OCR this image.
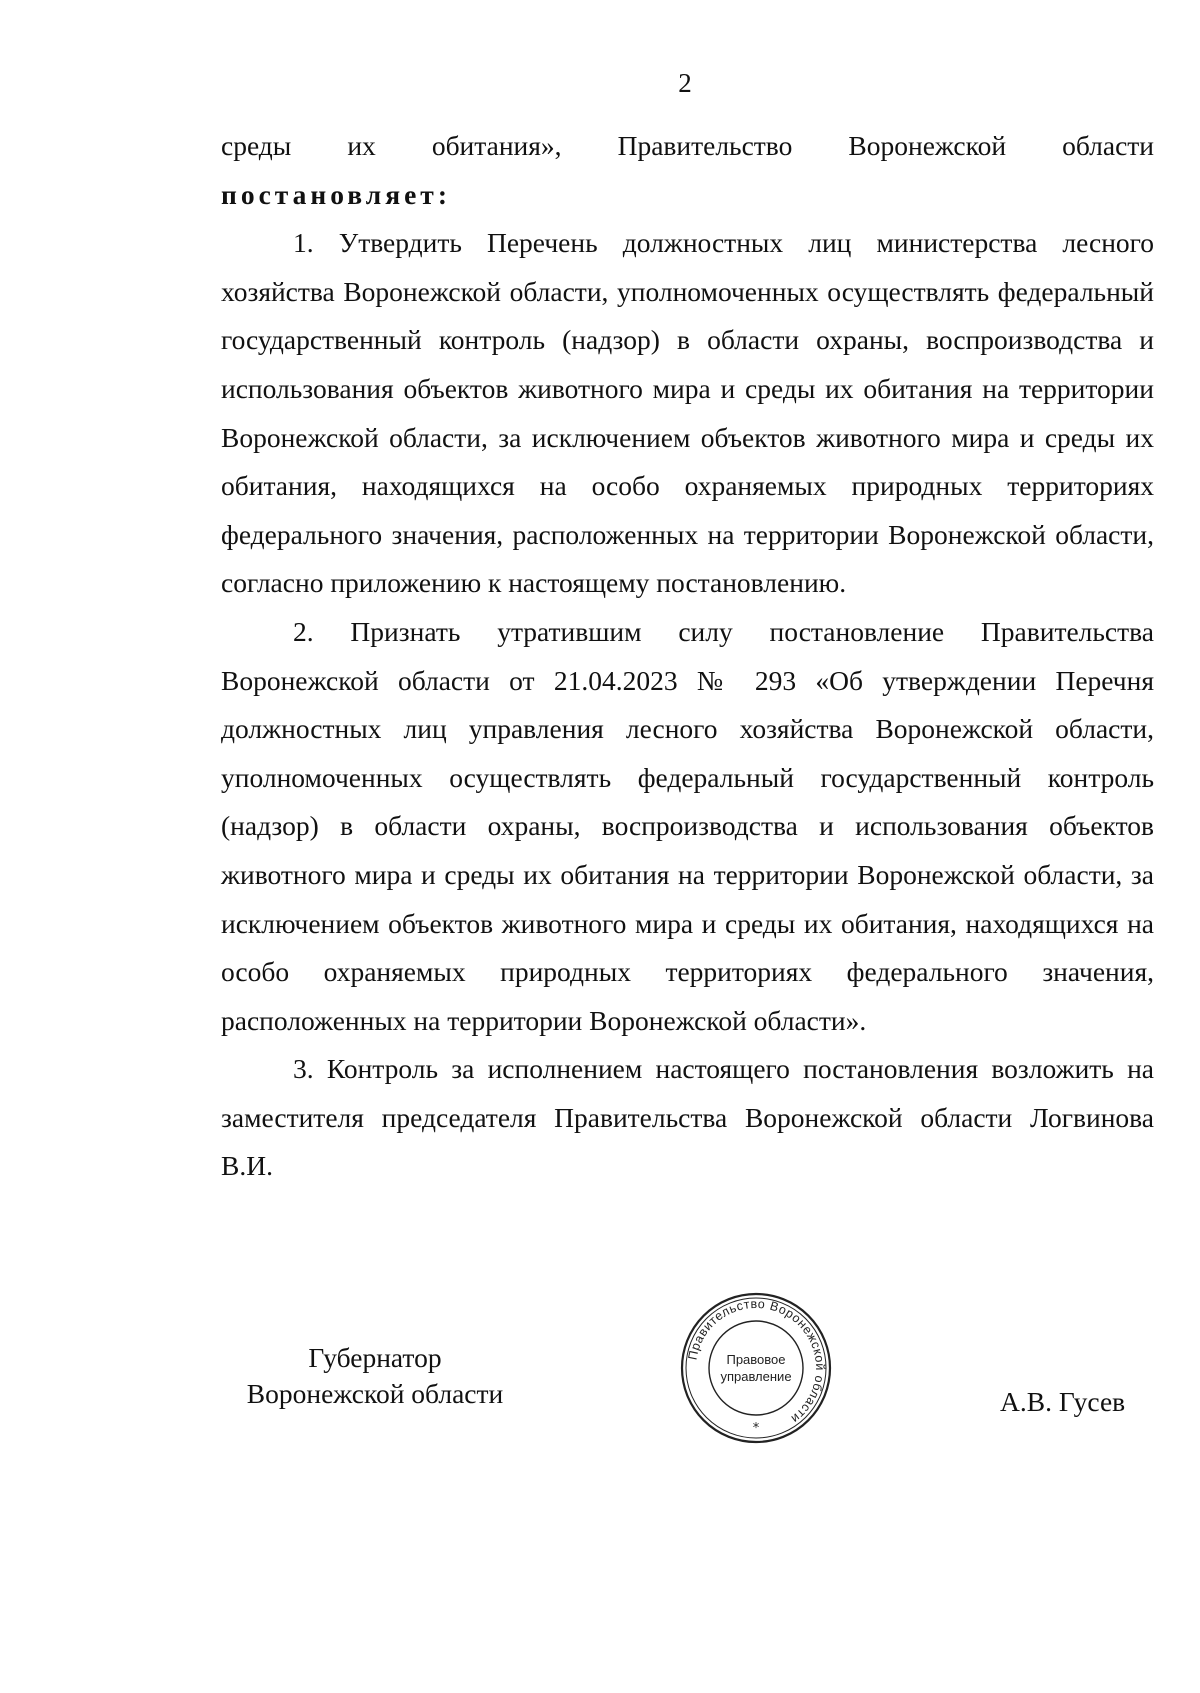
2

среды их обитания», Правительство Воронежской области
постановляет:

1. Утвердить Перечень должностных лиц министерства лесного хозяйства Воронежской области, уполномоченных осуществлять федеральный государственный контроль (надзор) в области охраны, воспроизводства и использования объектов животного мира и среды их обитания на территории Воронежской области, за исключением объектов животного мира и среды их обитания, находящихся на особо охраняемых природных территориях федерального значения, расположенных на территории Воронежской области, согласно приложению к настоящему постановлению.

2. Признать утратившим силу постановление Правительства Воронежской области от 21.04.2023 № 293 «Об утверждении Перечня должностных лиц управления лесного хозяйства Воронежской области, уполномоченных осуществлять федеральный государственный контроль (надзор) в области охраны, воспроизводства и использования объектов животного мира и среды их обитания на территории Воронежской области, за исключением объектов животного мира и среды их обитания, находящихся на особо охраняемых природных территориях федерального значения, расположенных на территории Воронежской области».

3. Контроль за исполнением настоящего постановления возложить на заместителя председателя Правительства Воронежской области Логвинова В.И.

Губернатор
Воронежской области
Правительство Воронежской области
Правовое
управление
*
А.В. Гусев
